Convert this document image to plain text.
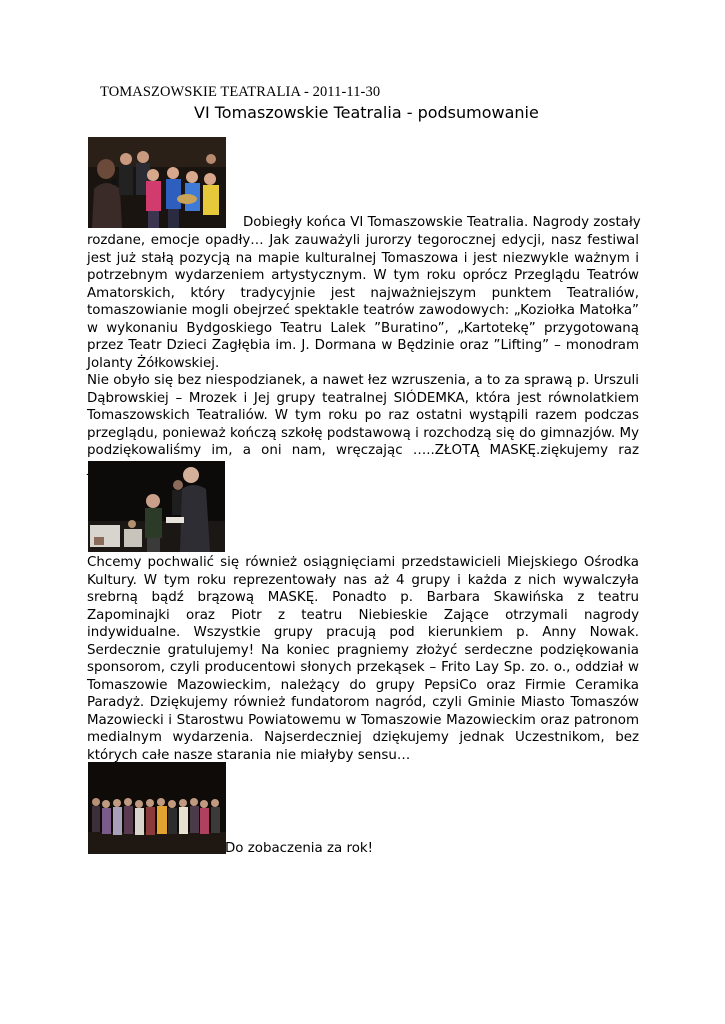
TOMASZOWSKIE TEATRALIA - 2011-11-30
VI Tomaszowskie Teatralia - podsumowanie
Dobiegły końca VI Tomaszowskie Teatralia. Nagrody zostały

rozdane, emocje opadły… Jak zauważyli jurorzy tegorocznej edycji, nasz festiwal jest już stałą pozycją na mapie kulturalnej Tomaszowa i jest niezwykle ważnym i potrzebnym wydarzeniem artystycznym. W tym roku oprócz Przeglądu Teatrów Amatorskich, który tradycyjnie jest najważniejszym punktem Teatraliów, tomaszowianie mogli obejrzeć spektakle teatrów zawodowych: „Koziołka Matołka” w wykonaniu Bydgoskiego Teatru Lalek ”Buratino”, „Kartotekę” przygotowaną przez Teatr Dzieci Zagłębia im. J. Dormana w Będzinie oraz ”Lifting” – monodram Jolanty Żółkowskiej.

Nie obyło się bez niespodzianek, a nawet łez wzruszenia, a to za sprawą p. Urszuli Dąbrowskiej – Mrozek i Jej grupy teatralnej SIÓDEMKA, która jest równolatkiem Tomaszowskich Teatraliów. W tym roku po raz ostatni wystąpili razem podczas przeglądu, ponieważ kończą szkołę podstawową i rozchodzą się do gimnazjów. My podziękowaliśmy im, a oni nam, wręczając …..ZŁOTĄ MASKĘ.ziękujemy raz

Chcemy pochwalić się również osiągnięciami przedstawicieli Miejskiego Ośrodka Kultury. W tym roku reprezentowały nas aż 4 grupy i każda z nich wywalczyła srebrną bądź brązową MASKĘ. Ponadto p. Barbara Skawińska z teatru Zapominajki oraz Piotr z teatru Niebieskie Zające otrzymali nagrody indywidualne. Wszystkie grupy pracują pod kierunkiem p. Anny Nowak. Serdecznie gratulujemy! Na koniec pragniemy złożyć serdeczne podziękowania sponsorom, czyli producentowi słonych przekąsek – Frito Lay Sp. zo. o., oddział w Tomaszowie Mazowieckim, należący do grupy PepsiCo oraz Firmie Ceramika Paradyż. Dziękujemy również fundatorom nagród, czyli Gminie Miasto Tomaszów Mazowiecki i Starostwu Powiatowemu w Tomaszowie Mazowieckim oraz patronom medialnym wydarzenia. Najserdeczniej dziękujemy jednak Uczestnikom, bez których całe nasze starania nie miałyby sensu…

Do zobaczenia za rok!
